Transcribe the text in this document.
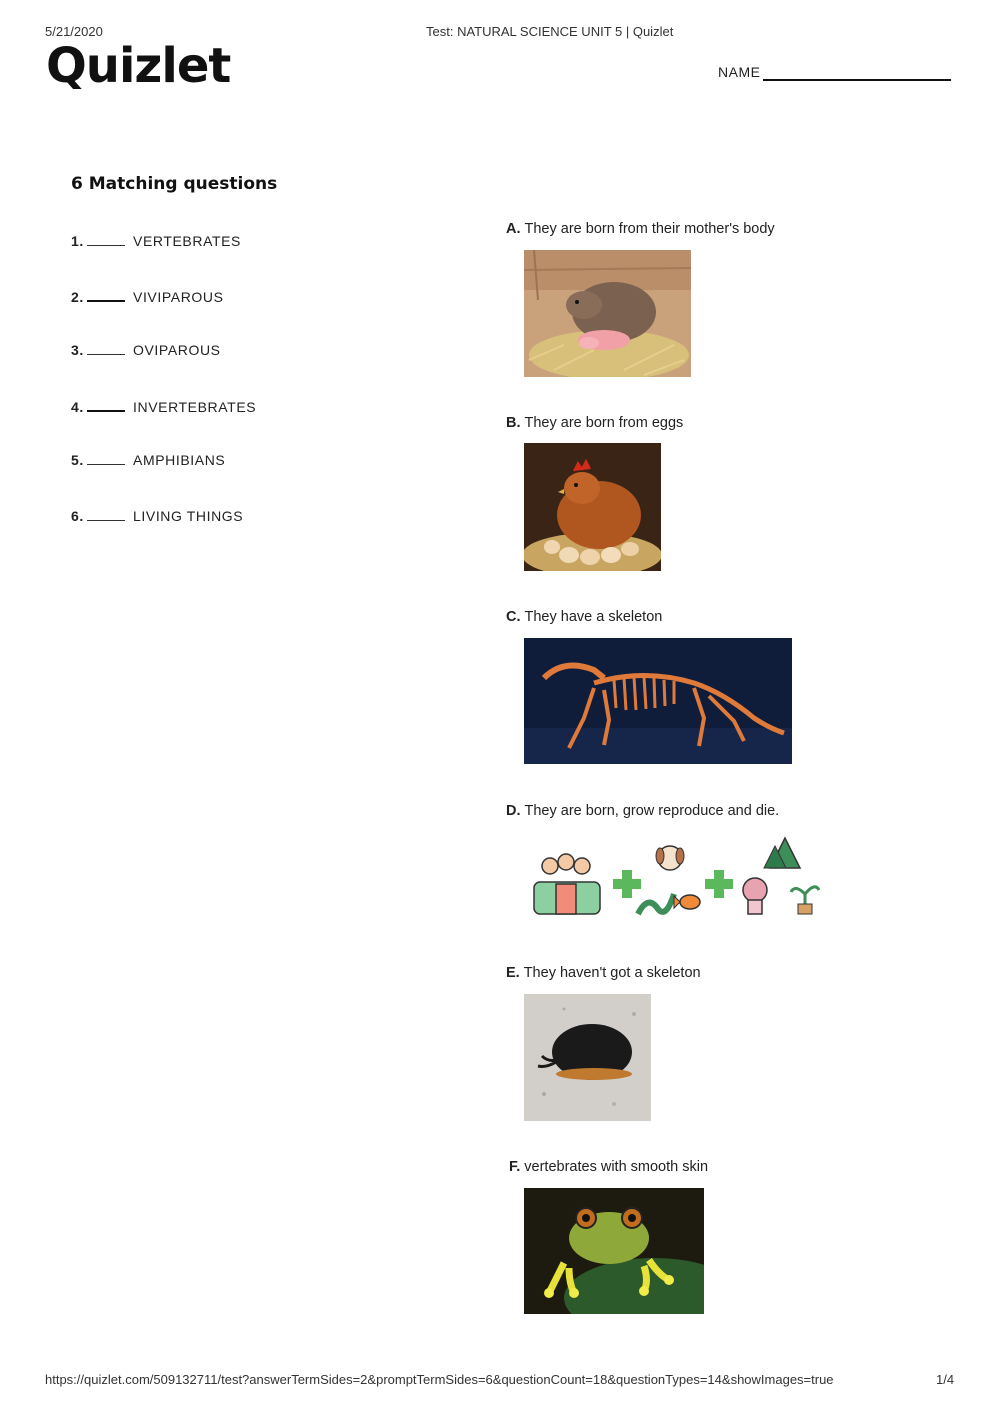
5/21/2020	Test: NATURAL SCIENCE UNIT 5 | Quizlet
Quizlet	NAME
6 Matching questions
1.	VERTEBRATES
2.	VIVIPAROUS
3.	OVIPAROUS
4.	INVERTEBRATES
5.	AMPHIBIANS
6.	LIVING THINGS
A. They are born from their mother's body
B. They are born from eggs
C. They have a skeleton
D. They are born, grow reproduce and die.
E. They haven't got a skeleton
F. vertebrates with smooth skin
https://quizlet.com/509132711/test?answerTermSides=2&promptTermSides=6&questionCount=18&questionTypes=14&showImages=true	1/4
